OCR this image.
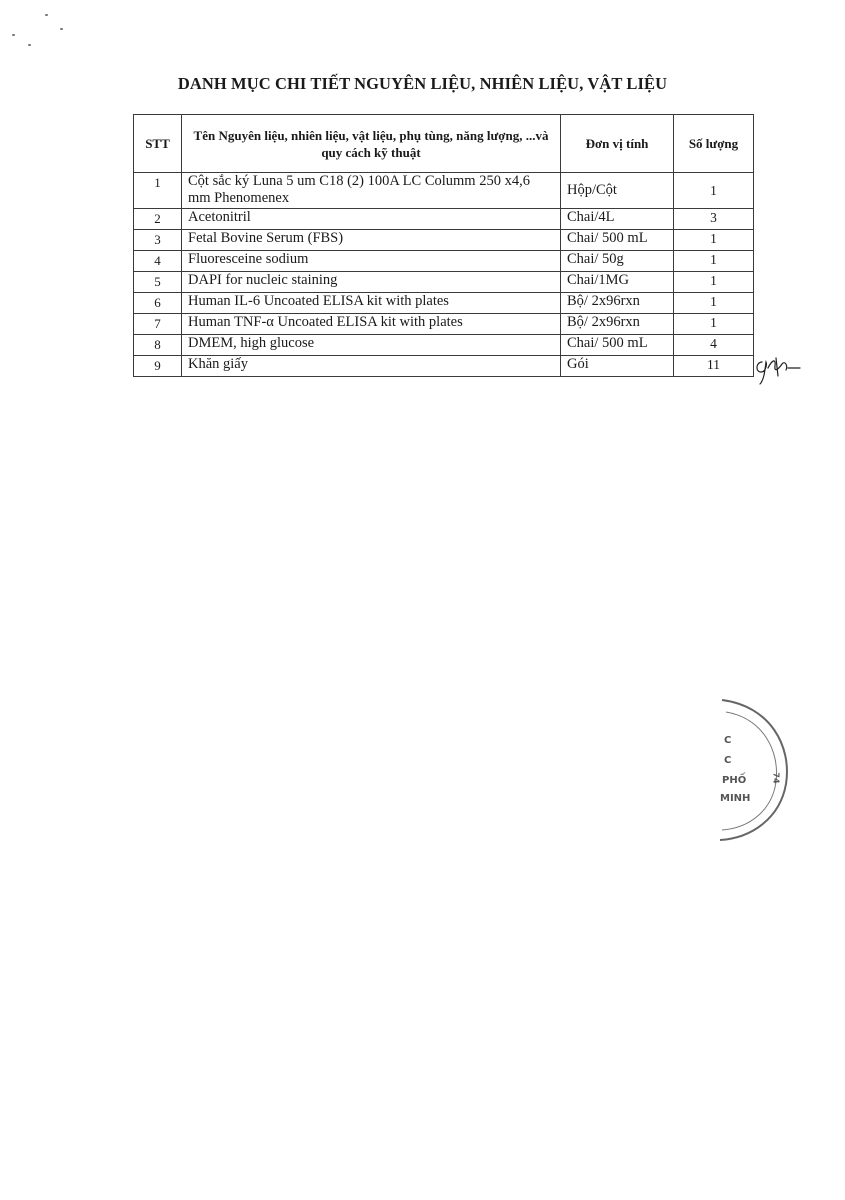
DANH MỤC CHI TIẾT NGUYÊN LIỆU, NHIÊN LIỆU, VẬT LIỆU
STT	Tên Nguyên liệu, nhiên liệu, vật liệu, phụ tùng, năng lượng, ...và quy cách kỹ thuật	Đơn vị tính	Số lượng
1	Cột sắc ký Luna 5 um C18 (2) 100A LC Columm 250 x4,6 mm Phenomenex	Hộp/Cột	1
2	Acetonitril	Chai/4L	3
3	Fetal Bovine Serum (FBS)	Chai/ 500 mL	1
4	Fluoresceine sodium	Chai/ 50g	1
5	DAPI for nucleic staining	Chai/1MG	1
6	Human IL-6 Uncoated ELISA kit with plates	Bộ/ 2x96rxn	1
7	Human TNF-α Uncoated ELISA kit with plates	Bộ/ 2x96rxn	1
8	DMEM, high glucose	Chai/ 500 mL	4
9	Khăn giấy	Gói	11
C
C
PHỐ
MINH
74
